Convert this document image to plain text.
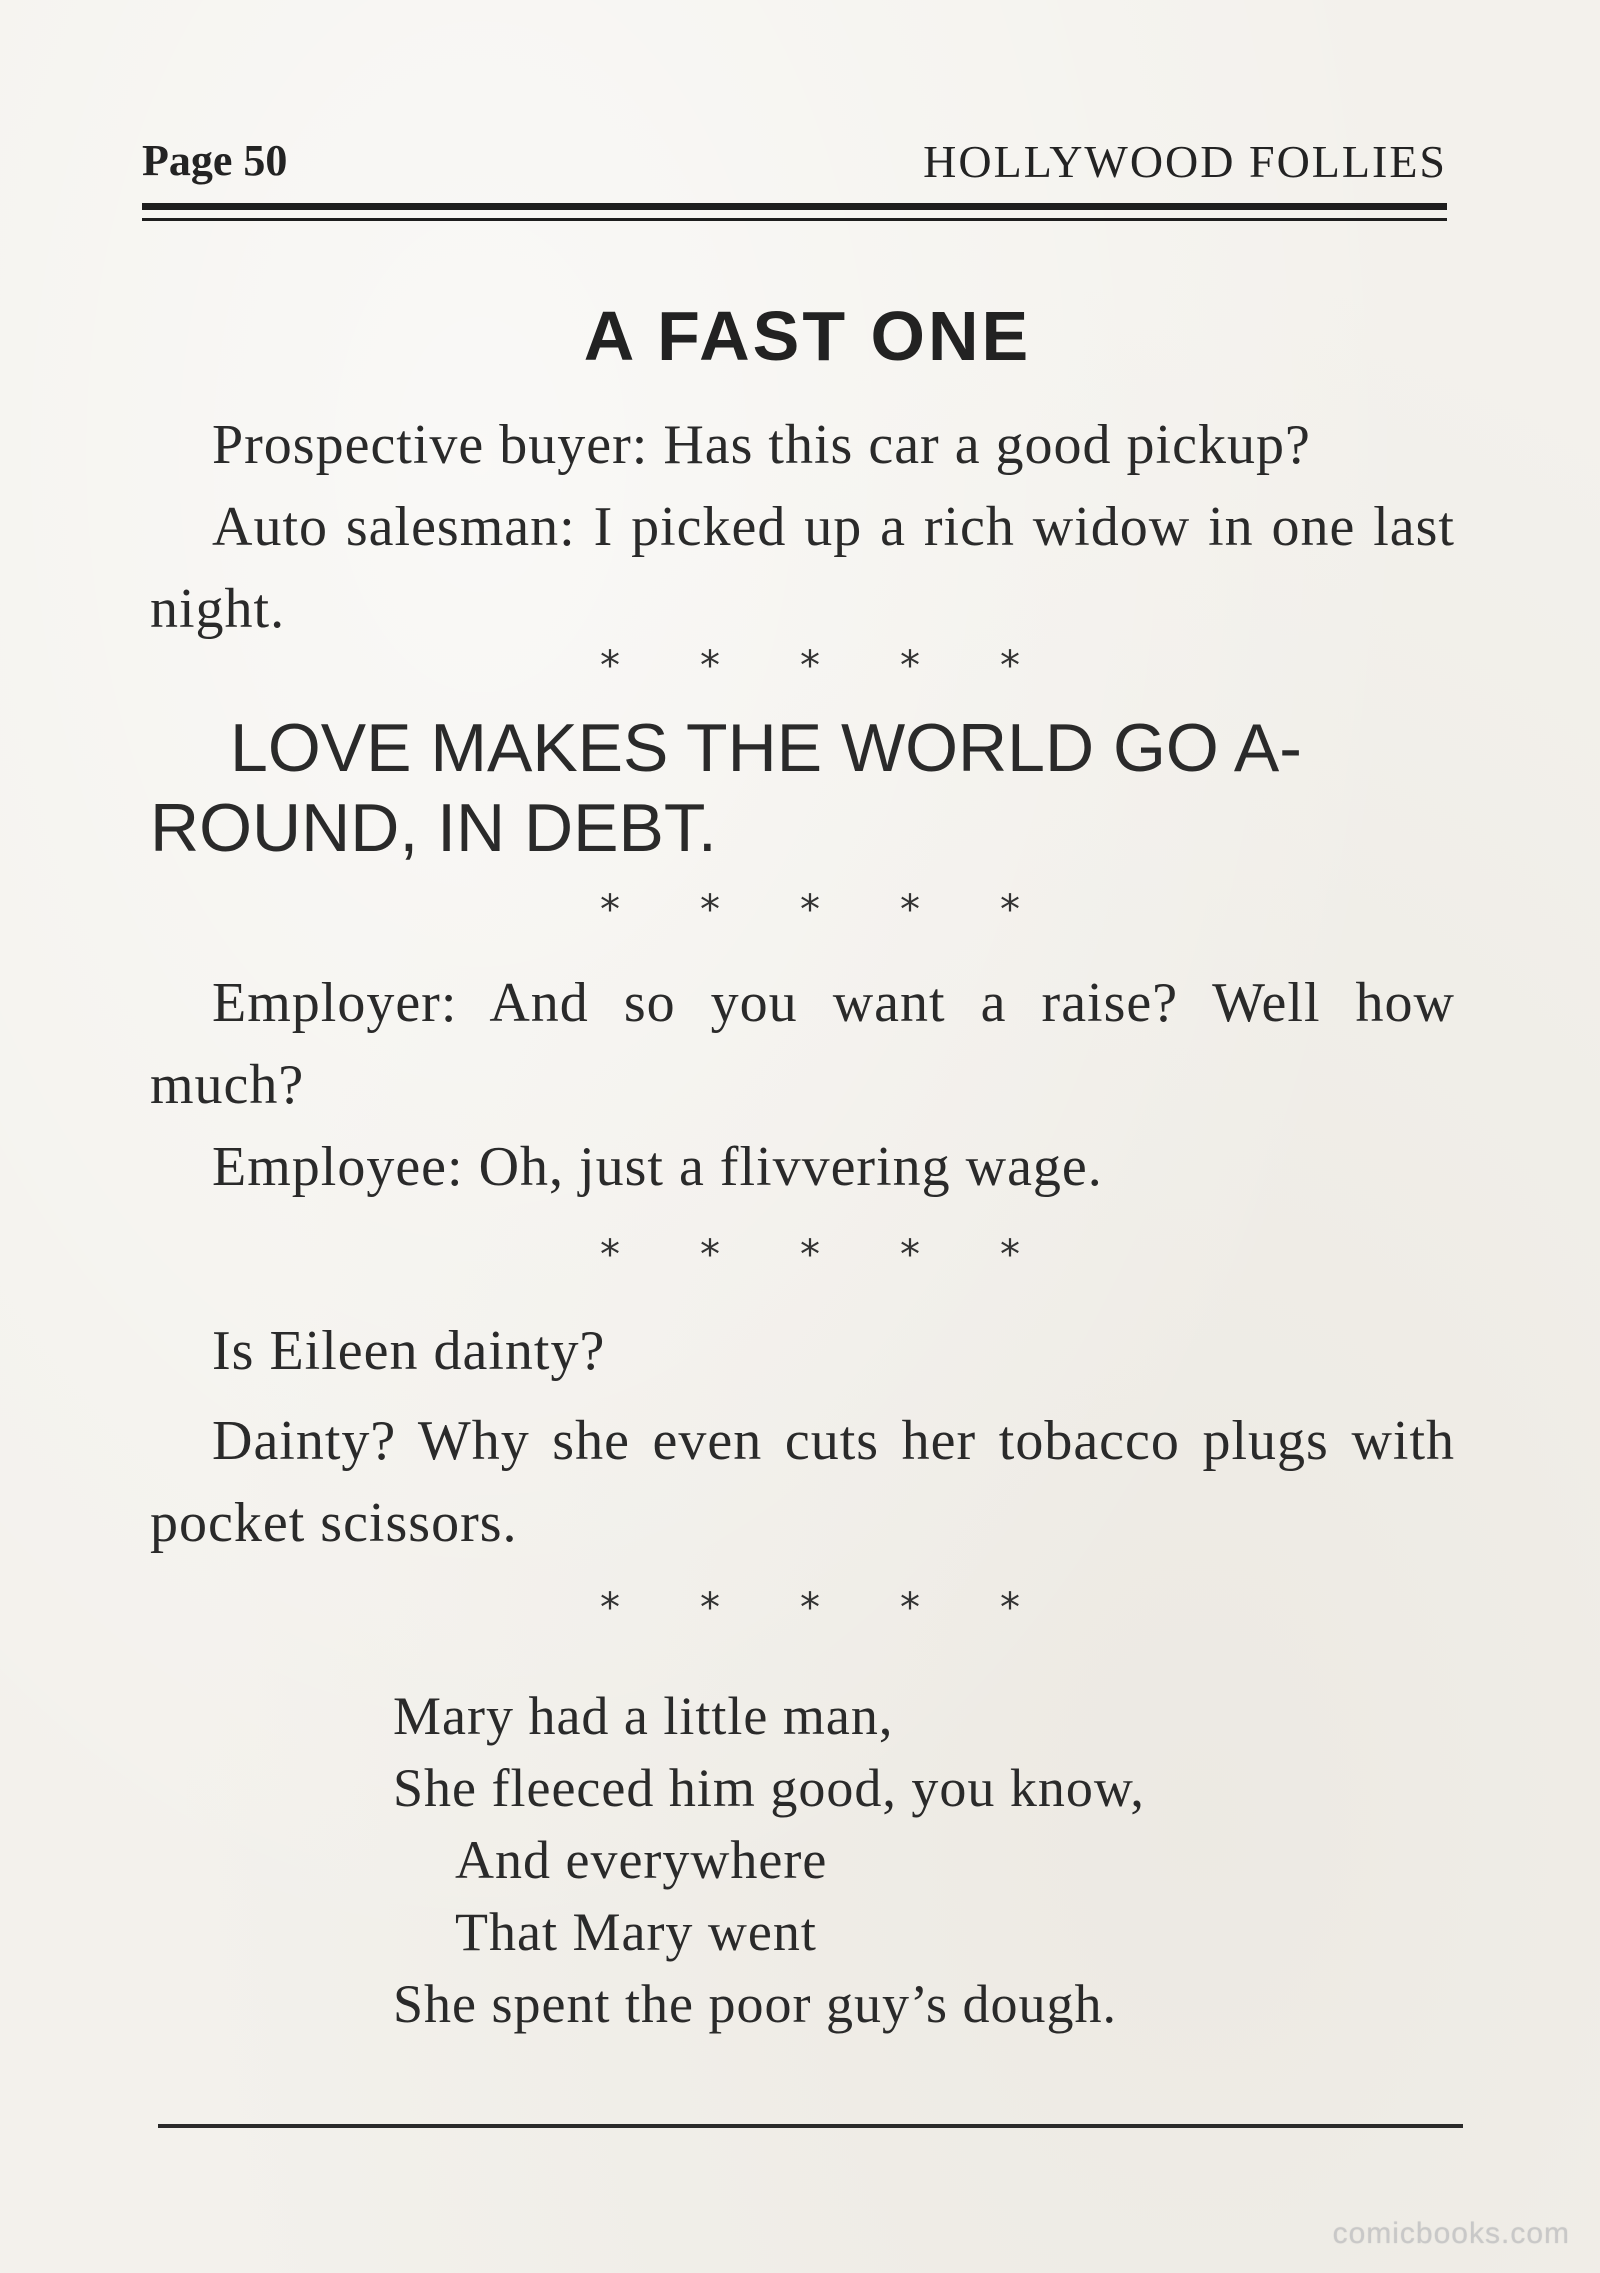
Page 50	HOLLYWOOD FOLLIES
A FAST ONE
Prospective buyer: Has this car a good pickup?
Auto salesman: I picked up a rich widow in one last night.
* * * * *
LOVE MAKES THE WORLD GO A-
ROUND, IN DEBT.
* * * * *
Employer: And so you want a raise? Well how much?
Employee: Oh, just a flivvering wage.
* * * * *
Is Eileen dainty?
Dainty? Why she even cuts her tobacco plugs with pocket scissors.
* * * * *
Mary had a little man,
She fleeced him good, you know,
And everywhere
That Mary went
She spent the poor guy’s dough.
comicbooks.com
